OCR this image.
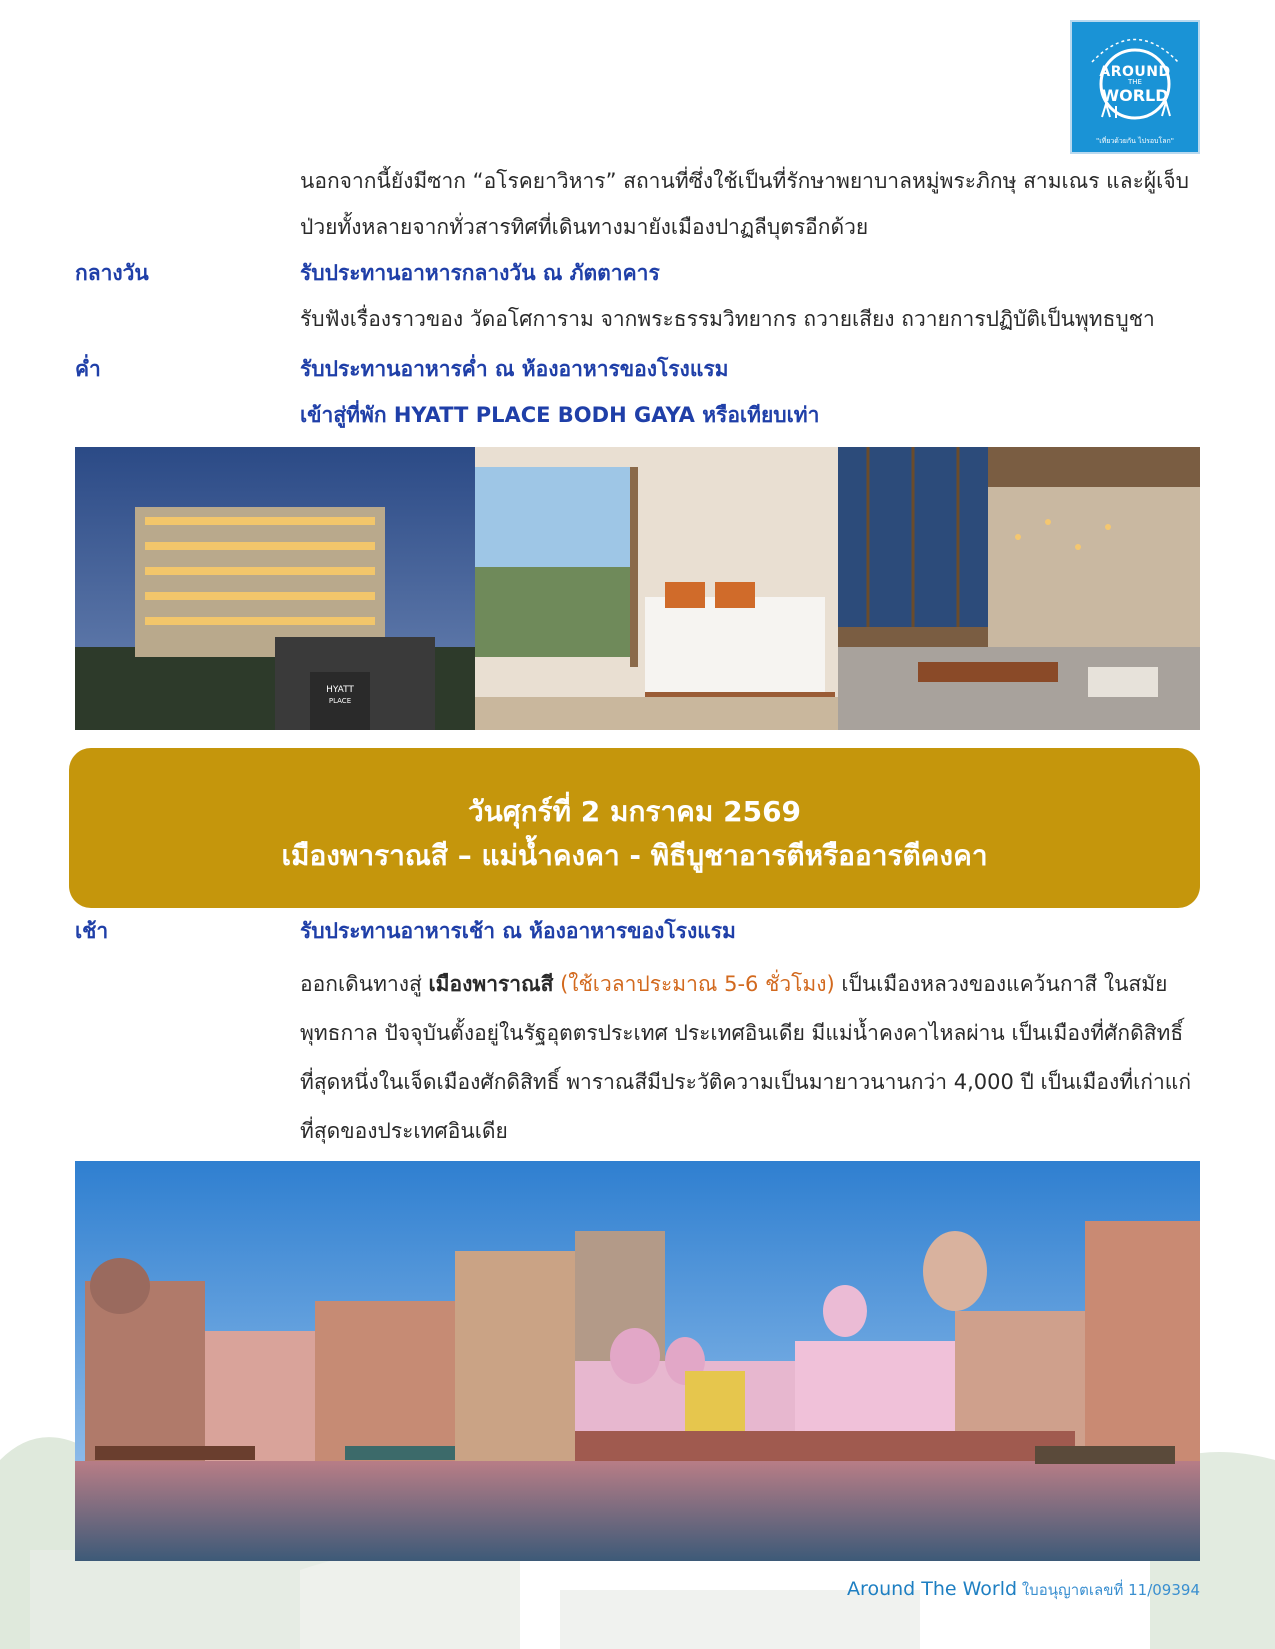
AROUND
THE
WORLD
"เที่ยวด้วยกัน ไปรอบโลก"

นอกจากนี้ยังมีซาก “อโรคยาวิหาร” สถานที่ซึ่งใช้เป็นที่รักษาพยาบาลหมู่พระภิกษุ สามเณร และผู้เจ็บป่วยทั้งหลายจากทั่วสารทิศที่เดินทางมายังเมืองปาฏลีบุตรอีกด้วย

กลางวัน	รับประทานอาหารกลางวัน ณ ภัตตาคาร
รับฟังเรื่องราวของ วัดอโศการาม จากพระธรรมวิทยากร ถวายเสียง ถวายการปฏิบัติเป็นพุทธบูชา
ค่ำ	รับประทานอาหารค่ำ ณ ห้องอาหารของโรงแรม
เข้าสู่ที่พัก HYATT PLACE BODH GAYA หรือเทียบเท่า
HYATT
PLACE
วันศุกร์ที่ 2 มกราคม 2569
เมืองพาราณสี – แม่น้ำคงคา - พิธีบูชาอารตีหรืออารตีคงคา
เช้า	รับประทานอาหารเช้า ณ ห้องอาหารของโรงแรม

ออกเดินทางสู่ เมืองพาราณสี (ใช้เวลาประมาณ 5-6 ชั่วโมง) เป็นเมืองหลวงของแคว้นกาสี ในสมัยพุทธกาล ปัจจุบันตั้งอยู่ในรัฐอุตตรประเทศ ประเทศอินเดีย มีแม่น้ำคงคาไหลผ่าน เป็นเมืองที่ศักดิสิทธิ์ที่สุดหนึ่งในเจ็ดเมืองศักดิสิทธิ์ พาราณสีมีประวัติความเป็นมายาวนานกว่า 4,000 ปี เป็นเมืองที่เก่าแก่ที่สุดของประเทศอินเดีย

Around The World ใบอนุญาตเลขที่ 11/09394
